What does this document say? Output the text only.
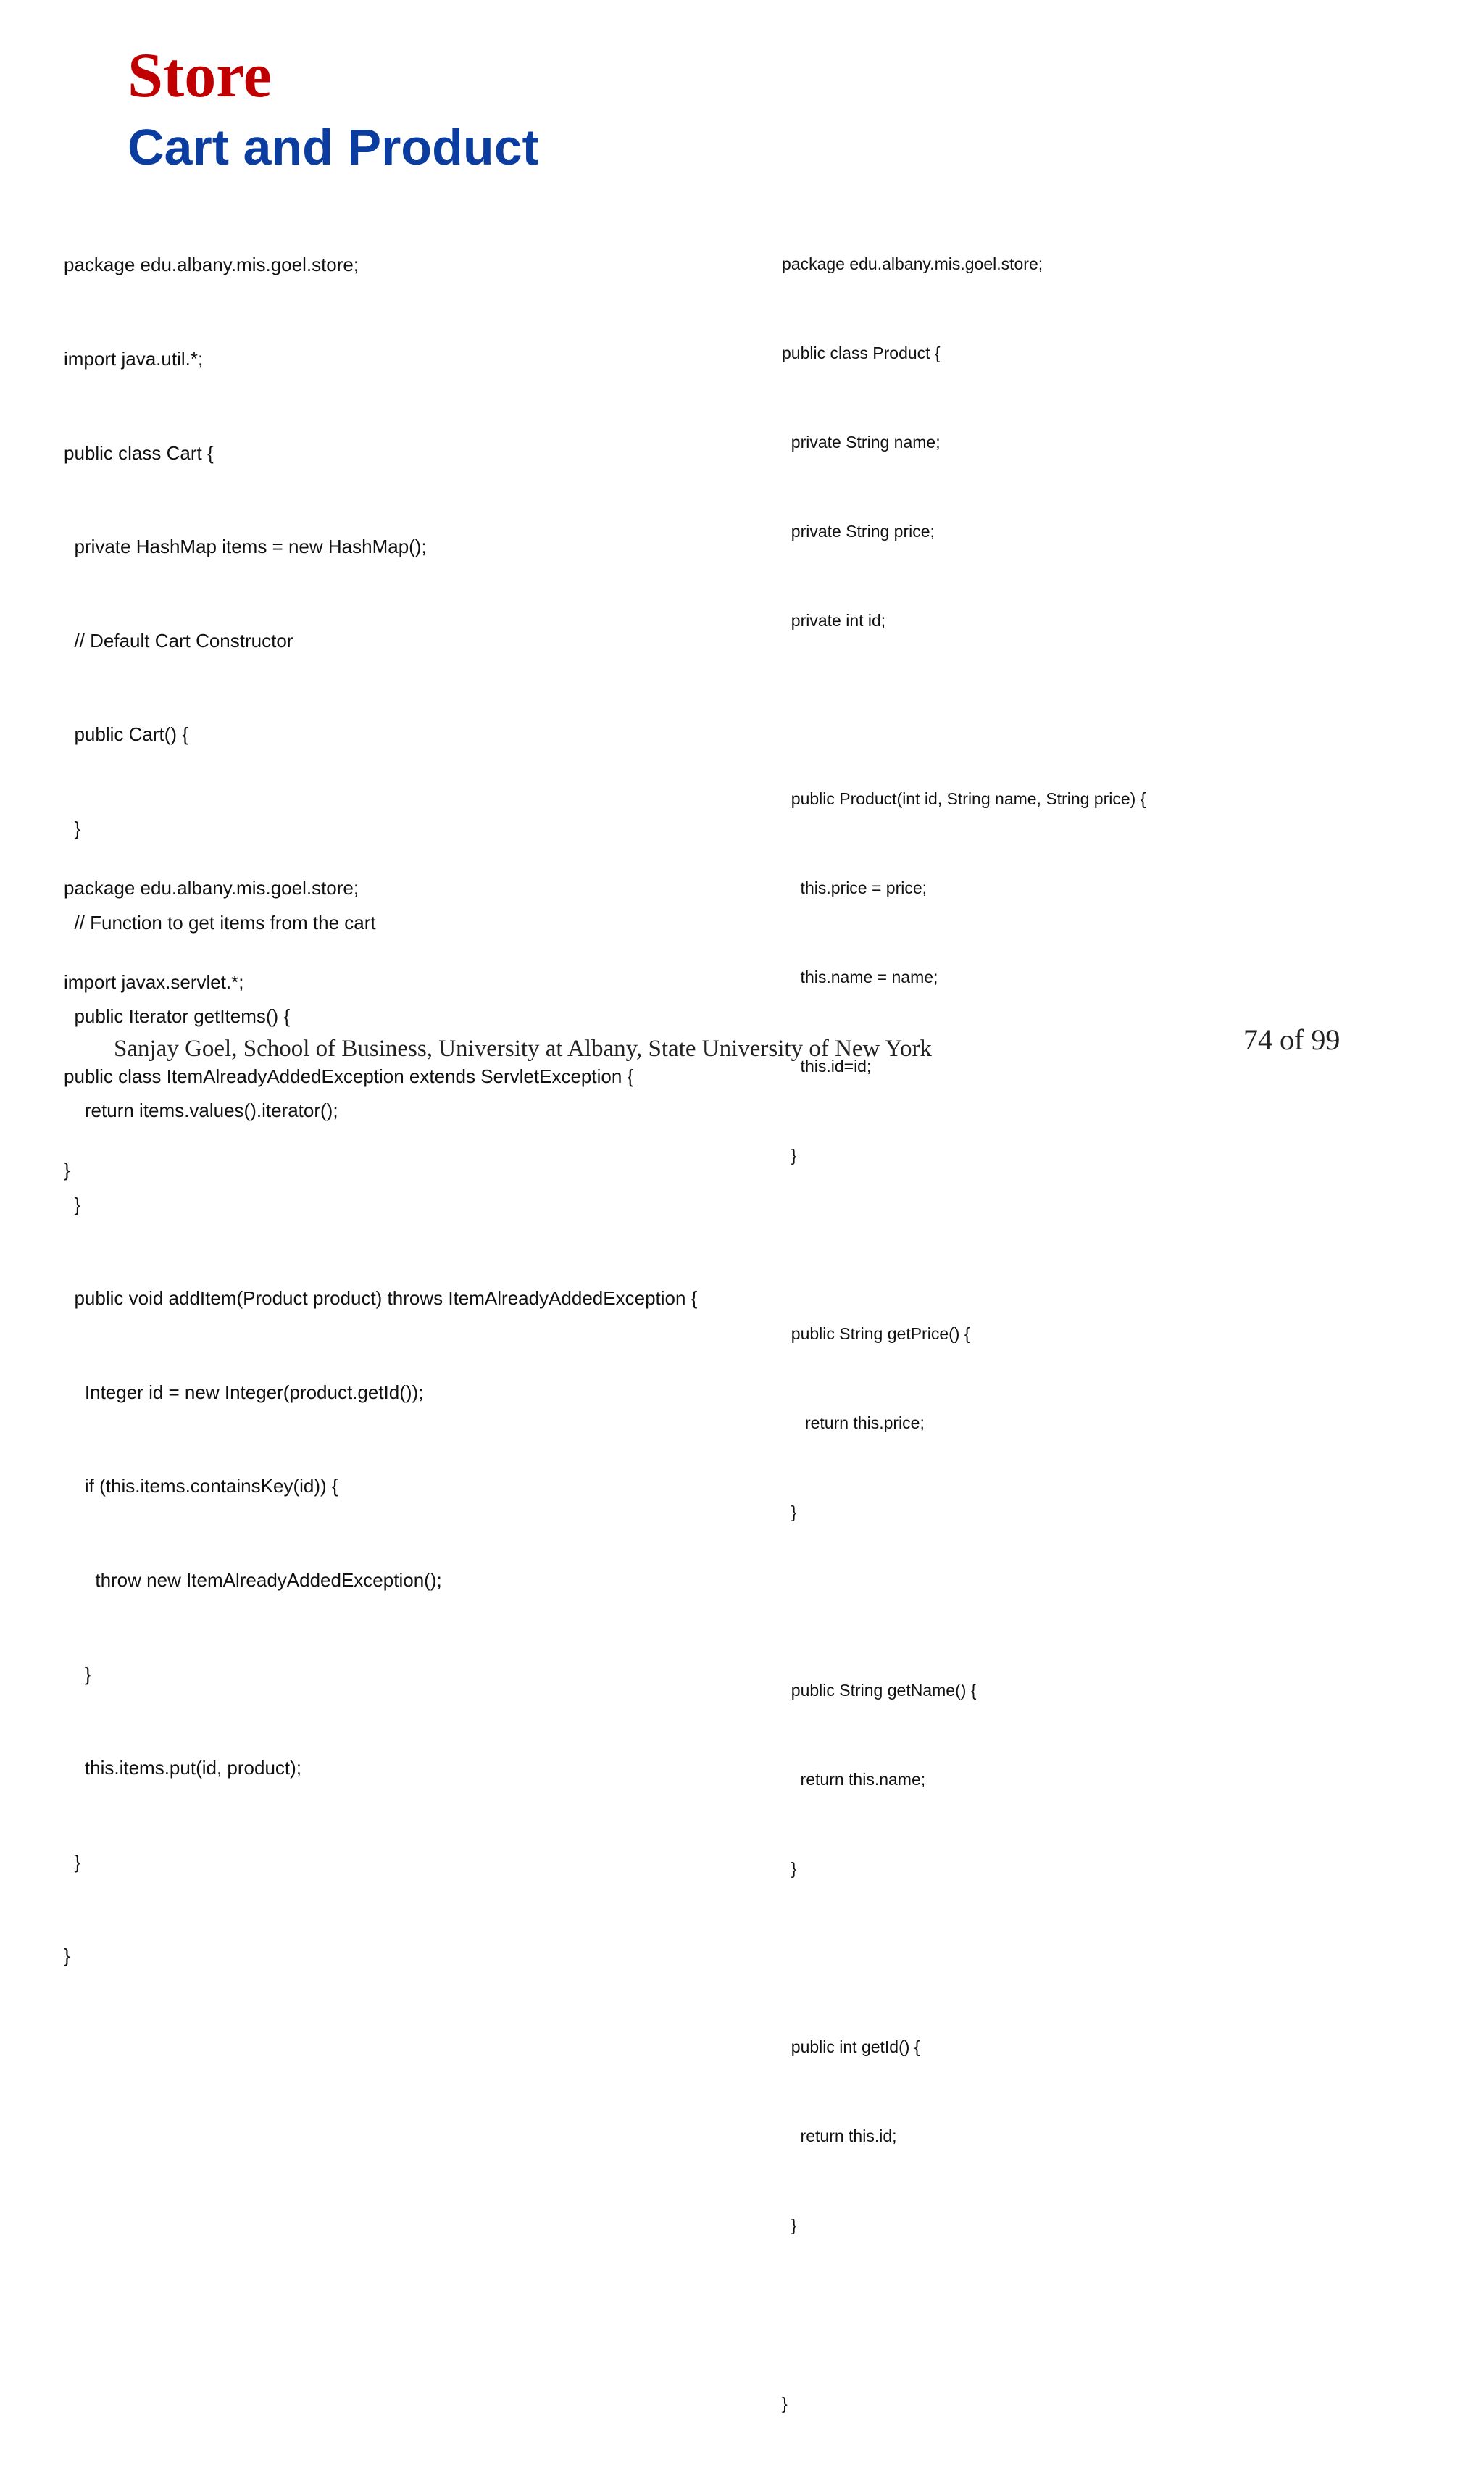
Store
Cart and Product

package edu.albany.mis.goel.store;

import java.util.*;

public class Cart {

private HashMap items = new HashMap();

// Default Cart Constructor

public Cart() {

}

// Function to get items from the cart

public Iterator getItems() {

return items.values().iterator();

}

public void addItem(Product product) throws ItemAlreadyAddedException {

Integer id = new Integer(product.getId());

if (this.items.containsKey(id)) {

throw new ItemAlreadyAddedException();

}

this.items.put(id, product);

}

}

package edu.albany.mis.goel.store;

import javax.servlet.*;

public class ItemAlreadyAddedException extends ServletException {

}

package edu.albany.mis.goel.store;

public class Product {

private String name;

private String price;

private int id;

public Product(int id, String name, String price) {

this.price = price;

this.name = name;

this.id=id;

}

public String getPrice() {

return this.price;

}

public String getName() {

return this.name;

}

public int getId() {

return this.id;

}

}

Sanjay Goel, School of Business, University at Albany, State University of New York	74 of 99
